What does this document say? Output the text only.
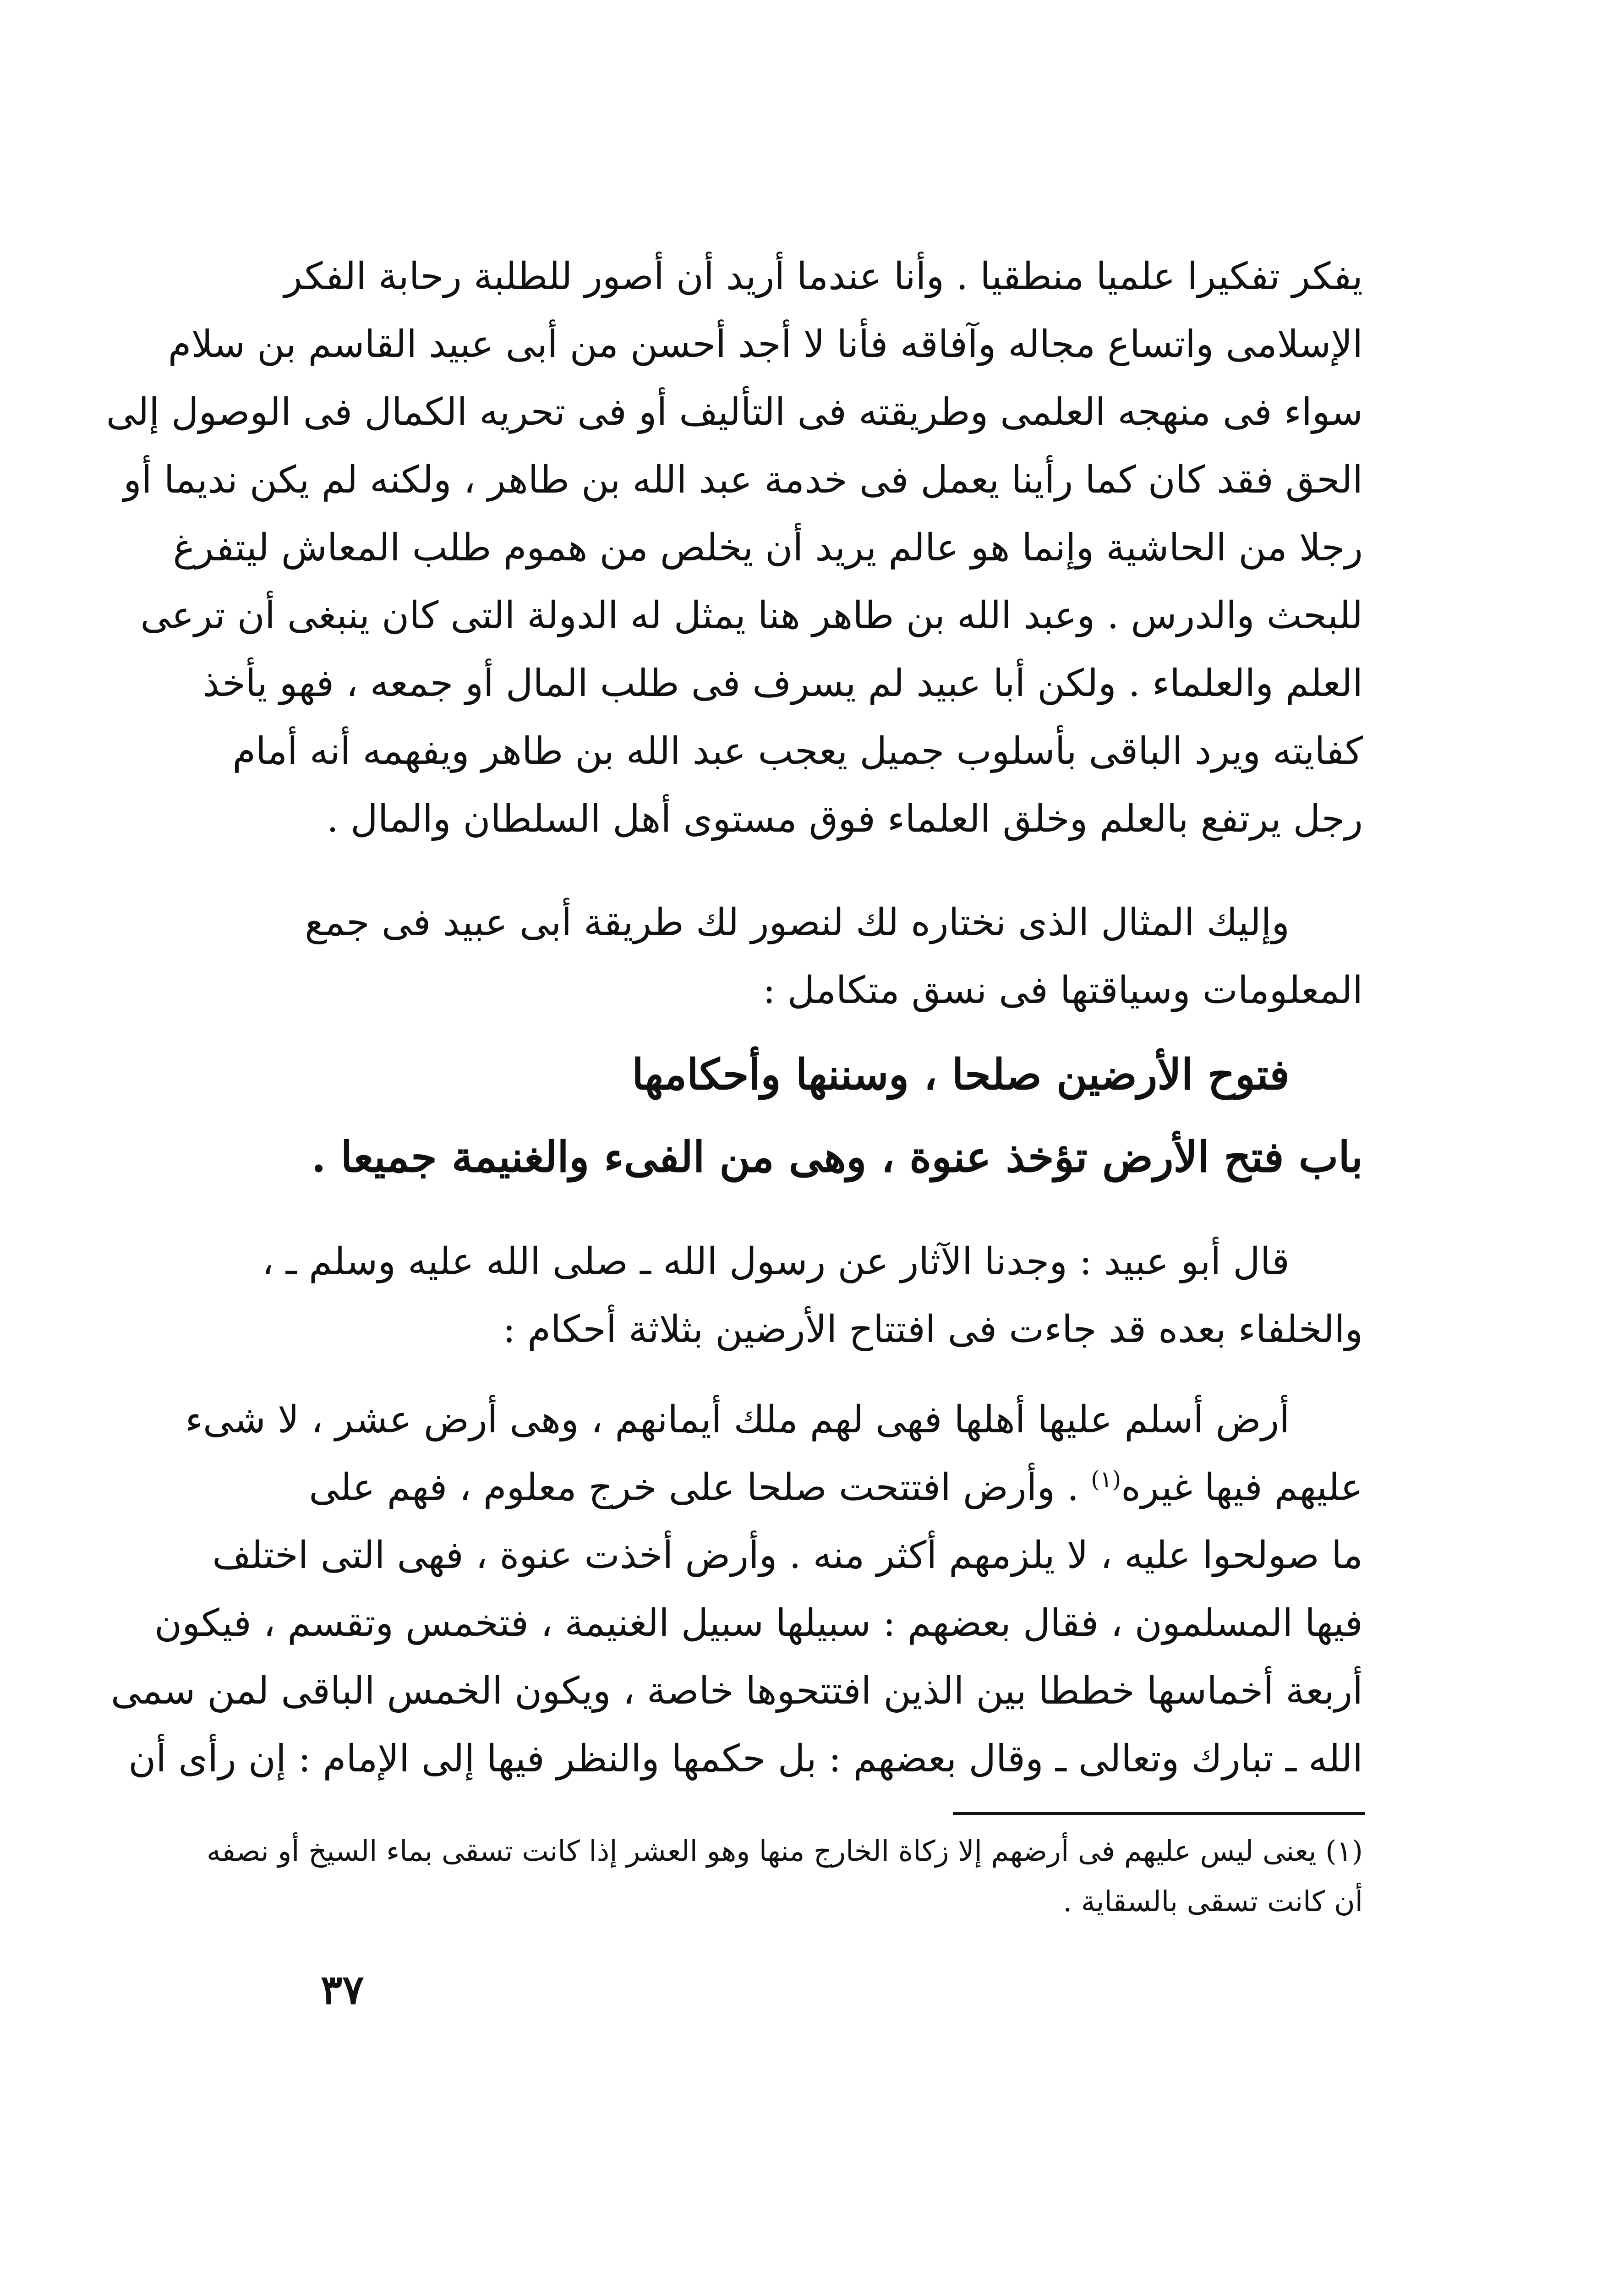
يفكر تفكيرا علميا منطقيا . وأنا عندما أريد أن أصور للطلبة رحابة الفكر
الإسلامى واتساع مجاله وآفاقه فأنا لا أجد أحسن من أبى عبيد القاسم بن سلام
سواء فى منهجه العلمى وطريقته فى التأليف أو فى تحريه الكمال فى الوصول إلى
الحق فقد كان كما رأينا يعمل فى خدمة عبد الله بن طاهر ، ولكنه لم يكن نديما أو
رجلا من الحاشية وإنما هو عالم يريد أن يخلص من هموم طلب المعاش ليتفرغ
للبحث والدرس . وعبد الله بن طاهر هنا يمثل له الدولة التى كان ينبغى أن ترعى
العلم والعلماء . ولكن أبا عبيد لم يسرف فى طلب المال أو جمعه ، فهو يأخذ
كفايته ويرد الباقى بأسلوب جميل يعجب عبد الله بن طاهر ويفهمه أنه أمام
رجل يرتفع بالعلم وخلق العلماء فوق مستوى أهل السلطان والمال .
وإليك المثال الذى نختاره لك لنصور لك طريقة أبى عبيد فى جمع
المعلومات وسياقتها فى نسق متكامل :
فتوح الأرضين صلحا ، وسننها وأحكامها
باب فتح الأرض تؤخذ عنوة ، وهى من الفىء والغنيمة جميعا .
قال أبو عبيد : وجدنا الآثار عن رسول الله ـ صلى الله عليه وسلم ـ ،
والخلفاء بعده قد جاءت فى افتتاح الأرضين بثلاثة أحكام :
أرض أسلم عليها أهلها فهى لهم ملك أيمانهم ، وهى أرض عشر ، لا شىء
عليهم فيها غيره$^{(١)}$ . وأرض افتتحت صلحا على خرج معلوم ، فهم على
ما صولحوا عليه ، لا يلزمهم أكثر منه . وأرض أخذت عنوة ، فهى التى اختلف
فيها المسلمون ، فقال بعضهم : سبيلها سبيل الغنيمة ، فتخمس وتقسم ، فيكون
أربعة أخماسها خططا بين الذين افتتحوها خاصة ، ويكون الخمس الباقى لمن سمى
الله ـ تبارك وتعالى ـ وقال بعضهم : بل حكمها والنظر فيها إلى الإمام : إن رأى أن
(١) يعنى ليس عليهم فى أرضهم إلا زكاة الخارج منها وهو العشر إذا كانت تسقى بماء السيخ أو نصفه
أن كانت تسقى بالسقاية .
٣٧
